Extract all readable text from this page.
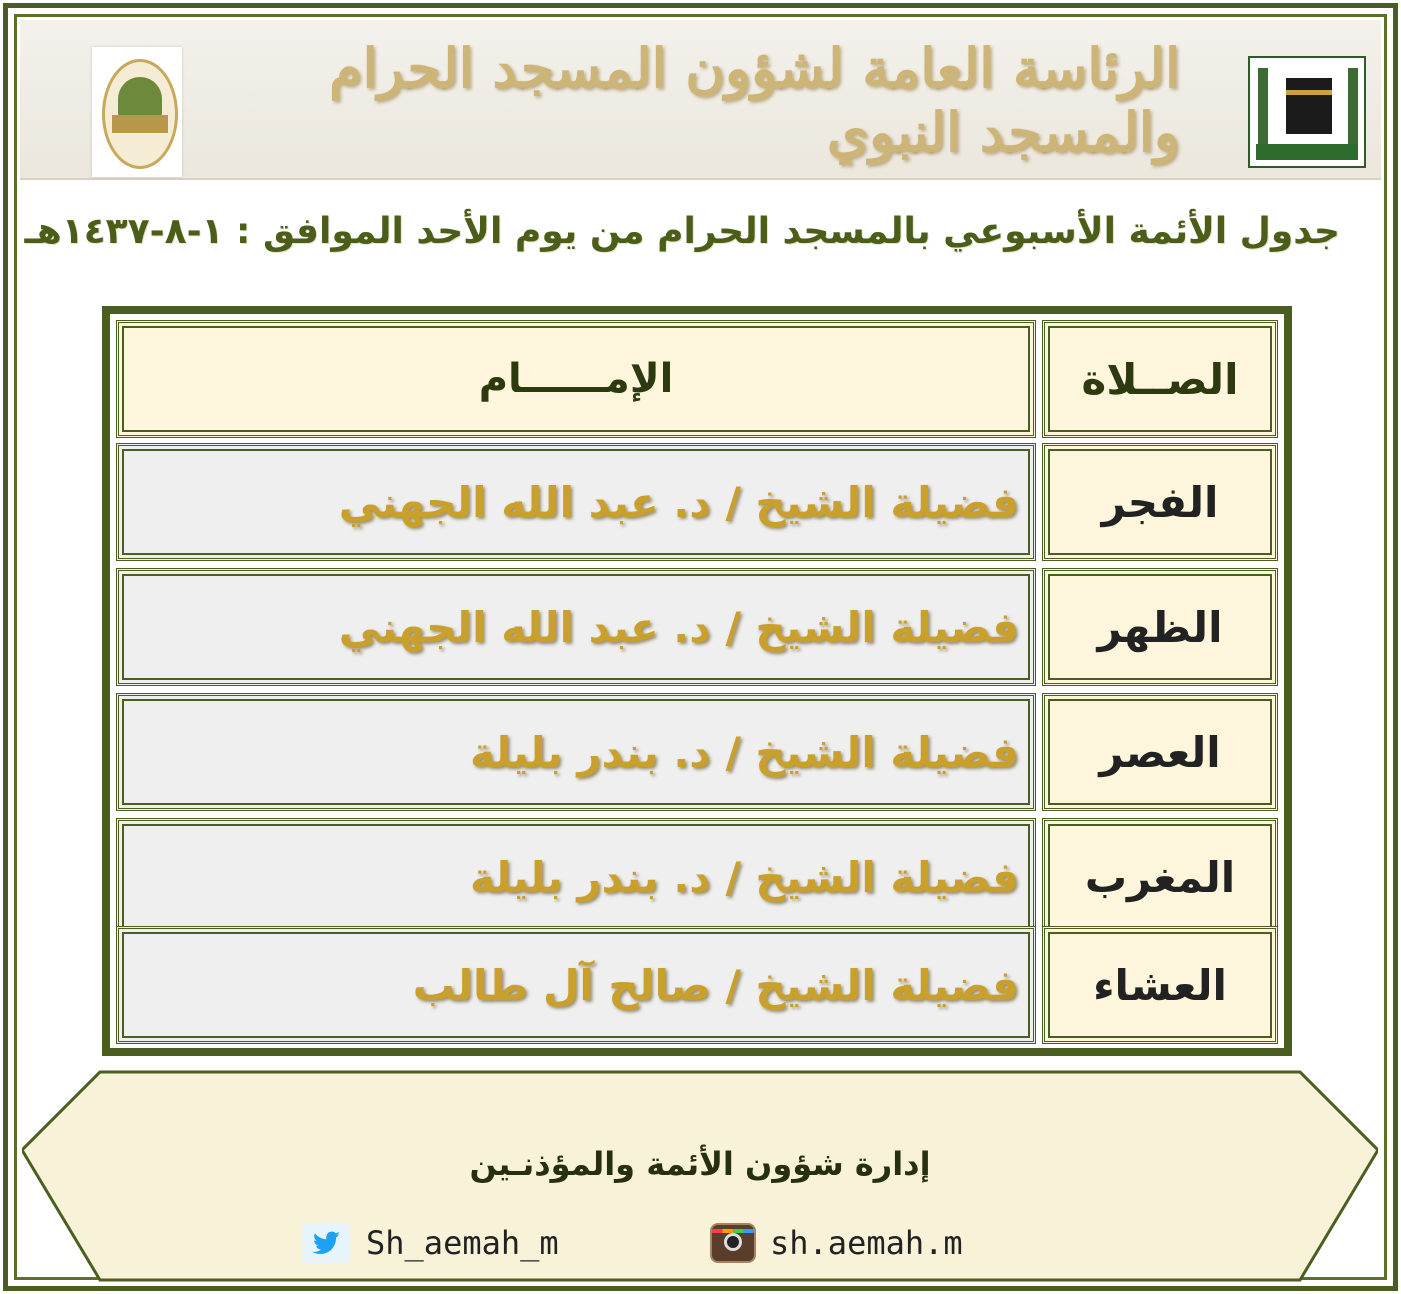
الرئاسة العامة لشؤون المسجد الحرام والمسجد النبوي
جدول الأئمة الأسبوعي بالمسجد الحرام من يوم الأحد الموافق : ١-٨-١٤٣٧هـ
الإمــــــام	الصــلاة
فضيلة الشيخ / د. عبد الله الجهني	الفجر
فضيلة الشيخ / د. عبد الله الجهني	الظهر
فضيلة الشيخ / د. بندر بليلة	العصر
فضيلة الشيخ / د. بندر بليلة	المغرب
فضيلة الشيخ / صالح آل طالب	العشاء
إدارة شؤون الأئمة والمؤذنـين
Sh_aemah_m	sh.aemah.m
